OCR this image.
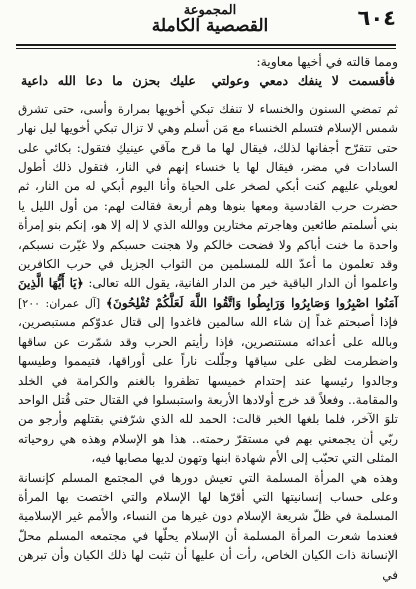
٦٠٤
المجموعة
القصصية الكاملة

ومما قالته في أخيها معاوية:

فأقسمت لا ينفك دمعي وعولتي عليك بحزن ما دعا الله داعية

ثم تمضي السنون والخنساء لا تنفك تبكي أخويها بمرارة وأسى، حتى تشرق شمس الإسلام فتسلم الخنساء مع مَن أسلم وهي لا تزال تبكي أخويها ليل نهار حتى تتقرّح أجفانها لذلك، فيقال لها ما قرح مآقي عينيكِ فتقول: بكائي على السادات في مضر، فيقال لها يا خنساء إنهم في النار، فتقول ذلك أطول لعويلي عليهم كنت أبكي لصخر على الحياة وأنا اليوم أبكي له من النار، ثم حضرت حرب القادسية ومعها بنوها وهم أربعة فقالت لهم: من أول الليل يا بني أسلمتم طائعين وهاجرتم مختارين ووالله الذي لا إله إلا هو، إنكم بنو إمرأة واحدة ما خنت أباكم ولا فضحت خالكم ولا هجنت حسبكم ولا غيّرت نسبكم، وقد تعلمون ما أعدّ الله للمسلمين من الثواب الجزيل في حرب الكافرين واعلموا أن الدار الباقية خير من الدار الفانية، يقول الله تعالى: ﴿يَا أَيُّهَا الَّذِينَ آمَنُوا اصْبِرُوا وَصَابِرُوا وَرَابِطُوا وَاتَّقُوا اللَّهَ لَعَلَّكُمْ تُفْلِحُونَ﴾ [آل عمران: ٢٠٠] فإذا أصبحتم غداً إن شاء الله سالمين فاغدوا إلى قتال عدوّكم مستبصرين، وبالله على أعدائه مستنصرين، فإذا رأيتم الحرب وقد شمّرت عن ساقها واضطرمت لظى على سياقها وجلّلت ناراً على أوراقها، فتيمموا وطيسها وجالدوا رئيسها عند إحتدام خميسها تظفروا بالغنم والكرامة في الخلد والمقامة.. وفعلاً قد خرج أولادها الأربعة واستبسلوا في القتال حتى قُتل الواحد تلوَ الآخر، فلما بلغها الخبر قالت: الحمد لله الذي شرّفني بقتلهم وأرجو من ربّي أن يجمعني بهم في مستقرّ رحمته.. هذا هو الإسلام وهذه هي روحياته المثلى التي تحبّب إلى الأم شهادة ابنها وتهون لديها مصابها فيه،

وهذه هي المرأة المسلمة التي تعيش دورها في المجتمع المسلم كإنسانة وعلى حساب إنسانيتها التي أقرّها لها الإسلام والتي اختصت بها المرأة المسلمة في ظلّ شريعة الإسلام دون غيرها من النساء، والأمم غير الإسلامية فعندما شعرت المرأة المسلمة أن الإسلام يحلّها في مجتمعه المسلم محلّ الإنسانة ذات الكيان الخاص، رأت أن عليها أن تثبت لها ذلك الكيان وأن تبرهن في
